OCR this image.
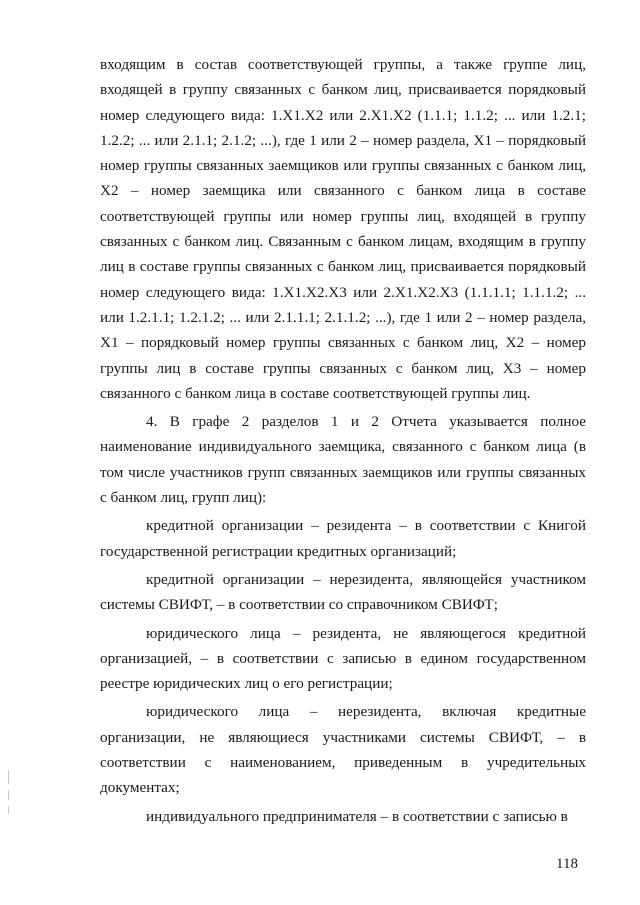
входящим в состав соответствующей группы, а также группе лиц, входящей в группу связанных с банком лиц, присваивается порядковый номер следующего вида: 1.X1.X2 или 2.X1.X2 (1.1.1; 1.1.2; ... или 1.2.1; 1.2.2; ... или 2.1.1; 2.1.2; ...), где 1 или 2 – номер раздела, X1 – порядковый номер группы связанных заемщиков или группы связанных с банком лиц, X2 – номер заемщика или связанного с банком лица в составе соответствующей группы или номер группы лиц, входящей в группу связанных с банком лиц. Связанным с банком лицам, входящим в группу лиц в составе группы связанных с банком лиц, присваивается порядковый номер следующего вида: 1.X1.X2.X3 или 2.X1.X2.X3 (1.1.1.1; 1.1.1.2; ... или 1.2.1.1; 1.2.1.2; ... или 2.1.1.1; 2.1.1.2; ...), где 1 или 2 – номер раздела, X1 – порядковый номер группы связанных с банком лиц, X2 – номер группы лиц в составе группы связанных с банком лиц, X3 – номер связанного с банком лица в составе соответствующей группы лиц.

4. В графе 2 разделов 1 и 2 Отчета указывается полное наименование индивидуального заемщика, связанного с банком лица (в том числе участников групп связанных заемщиков или группы связанных с банком лиц, групп лиц):

кредитной организации – резидента – в соответствии с Книгой государственной регистрации кредитных организаций;

кредитной организации – нерезидента, являющейся участником системы СВИФТ, – в соответствии со справочником СВИФТ;

юридического лица – резидента, не являющегося кредитной организацией, – в соответствии с записью в едином государственном реестре юридических лиц о его регистрации;

юридического лица – нерезидента, включая кредитные организации, не являющиеся участниками системы СВИФТ, – в соответствии с наименованием, приведенным в учредительных документах;

индивидуального предпринимателя – в соответствии с записью в

118
